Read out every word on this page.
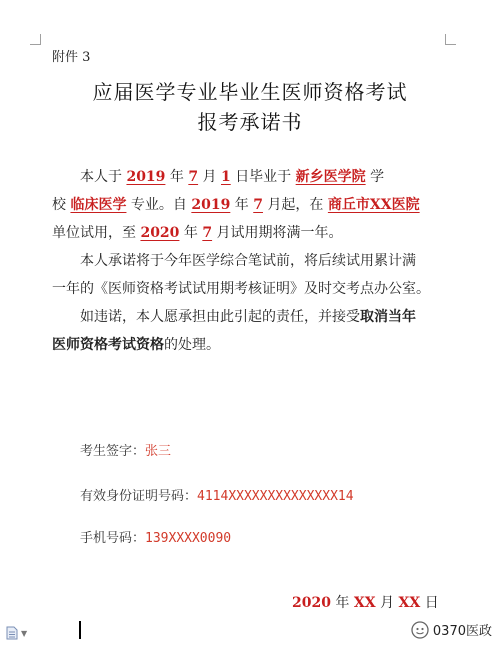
附件 3
应届医学专业毕业生医师资格考试
报考承诺书
本人于 2019 年 7 月 1 日毕业于 新乡医学院 学
校 临床医学 专业。自 2019 年 7 月起，在 商丘市XX医院
单位试用，至 2020 年 7 月试用期将满一年。
本人承诺将于今年医学综合笔试前，将后续试用累计满
一年的《医师资格考试试用期考核证明》及时交考点办公室。
如违诺，本人愿承担由此引起的责任，并接受取消当年
医师资格考试资格的处理。
考生签字：张三
有效身份证明号码：4114XXXXXXXXXXXXXX14
手机号码：139XXXX0090
2020 年 XX 月 XX 日
▼	0370医政
